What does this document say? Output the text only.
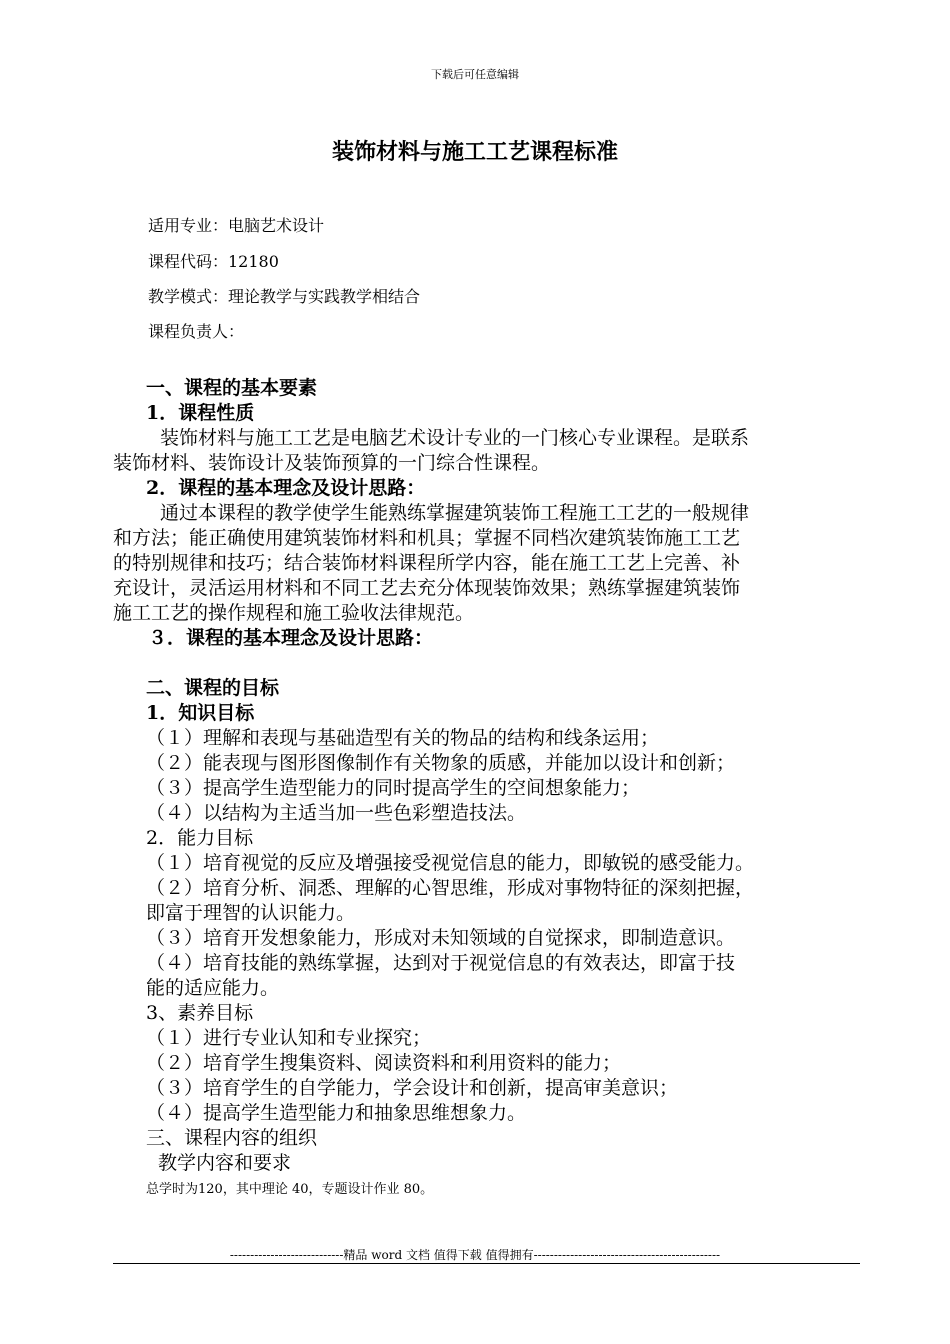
下载后可任意编辑
装饰材料与施工工艺课程标准
适用专业：电脑艺术设计
课程代码：12180
教学模式：理论教学与实践教学相结合
课程负责人：
一、课程的基本要素
1．课程性质
装饰材料与施工工艺是电脑艺术设计专业的一门核心专业课程。是联系
装饰材料、装饰设计及装饰预算的一门综合性课程。
2．课程的基本理念及设计思路：
通过本课程的教学使学生能熟练掌握建筑装饰工程施工工艺的一般规律
和方法；能正确使用建筑装饰材料和机具；掌握不同档次建筑装饰施工工艺
的特别规律和技巧；结合装饰材料课程所学内容，能在施工工艺上完善、补
充设计，灵活运用材料和不同工艺去充分体现装饰效果；熟练掌握建筑装饰
施工工艺的操作规程和施工验收法律规范。
３．课程的基本理念及设计思路：
二、课程的目标
1．知识目标
（１）理解和表现与基础造型有关的物品的结构和线条运用；
（２）能表现与图形图像制作有关物象的质感，并能加以设计和创新；
（３）提高学生造型能力的同时提高学生的空间想象能力；
（４）以结构为主适当加一些色彩塑造技法。
2．能力目标
（１）培育视觉的反应及增强接受视觉信息的能力，即敏锐的感受能力。
（２）培育分析、洞悉、理解的心智思维，形成对事物特征的深刻把握，
即富于理智的认识能力。
（３）培育开发想象能力，形成对未知领域的自觉探求，即制造意识。
（４）培育技能的熟练掌握，达到对于视觉信息的有效表达，即富于技
能的适应能力。
3、素养目标
（１）进行专业认知和专业探究；
（２）培育学生搜集资料、阅读资料和利用资料的能力；
（３）培育学生的自学能力，学会设计和创新，提高审美意识；
（４）提高学生造型能力和抽象思维想象力。
三、课程内容的组织
教学内容和要求
总学时为120，其中理论 40，专题设计作业 80。
----------------------------精品 word 文档 值得下载 值得拥有----------------------------------------------
